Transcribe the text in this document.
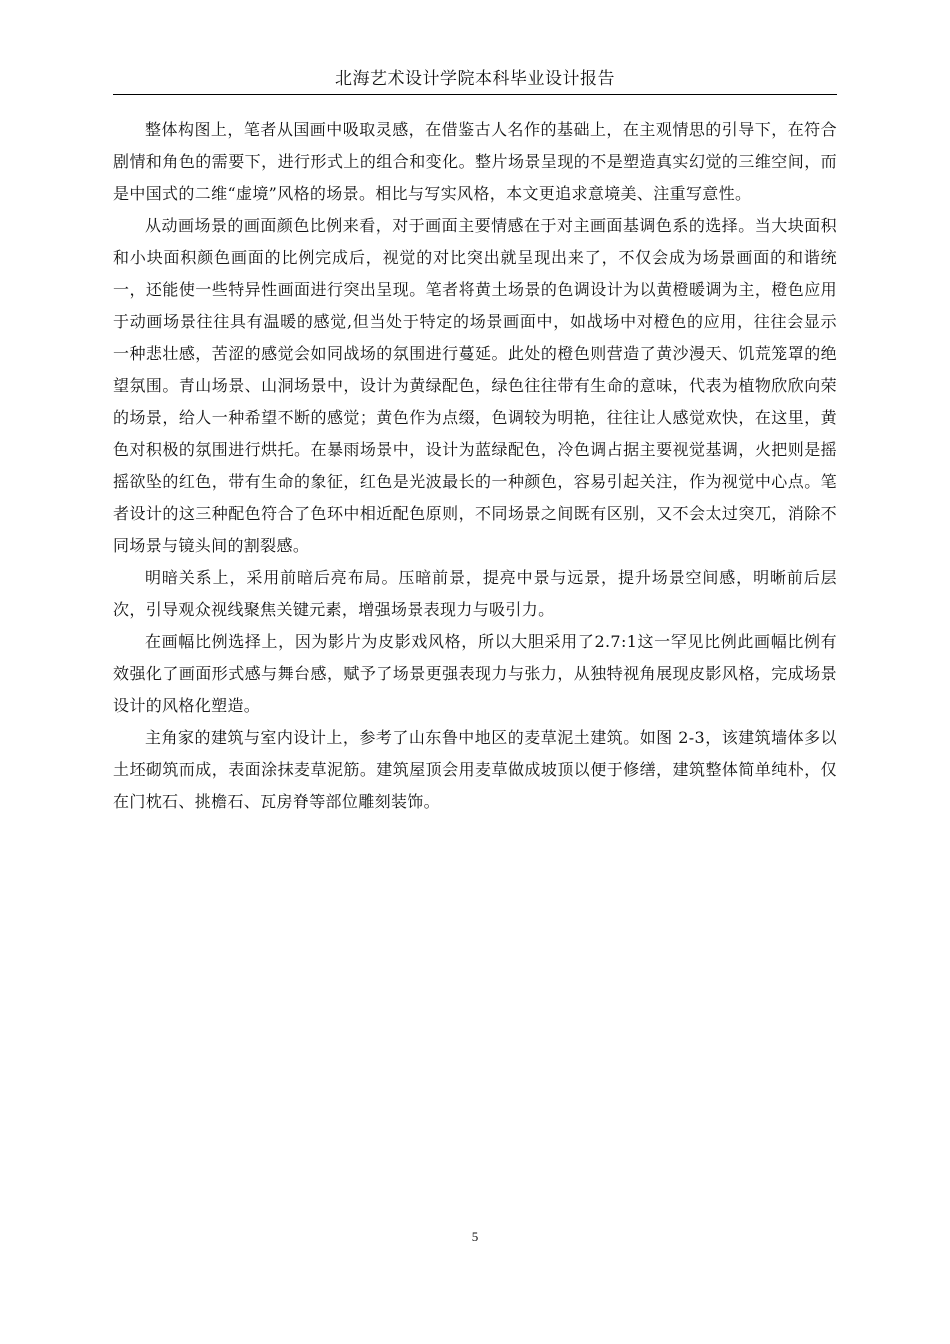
北海艺术设计学院本科毕业设计报告

整体构图上，笔者从国画中吸取灵感，在借鉴古人名作的基础上，在主观情思的引导下，在符合剧情和角色的需要下，进行形式上的组合和变化。整片场景呈现的不是塑造真实幻觉的三维空间，而是中国式的二维“虚境”风格的场景。相比与写实风格，本文更追求意境美、注重写意性。

从动画场景的画面颜色比例来看，对于画面主要情感在于对主画面基调色系的选择。当大块面积和小块面积颜色画面的比例完成后，视觉的对比突出就呈现出来了，不仅会成为场景画面的和谐统一，还能使一些特异性画面进行突出呈现。笔者将黄土场景的色调设计为以黄橙暖调为主，橙色应用于动画场景往往具有温暖的感觉,但当处于特定的场景画面中，如战场中对橙色的应用，往往会显示一种悲壮感，苦涩的感觉会如同战场的氛围进行蔓延。此处的橙色则营造了黄沙漫天、饥荒笼罩的绝望氛围。青山场景、山洞场景中，设计为黄绿配色，绿色往往带有生命的意味，代表为植物欣欣向荣的场景，给人一种希望不断的感觉；黄色作为点缀，色调较为明艳，往往让人感觉欢快，在这里，黄色对积极的氛围进行烘托。在暴雨场景中，设计为蓝绿配色，冷色调占据主要视觉基调，火把则是摇摇欲坠的红色，带有生命的象征，红色是光波最长的一种颜色，容易引起关注，作为视觉中心点。笔者设计的这三种配色符合了色环中相近配色原则，不同场景之间既有区别，又不会太过突兀，消除不同场景与镜头间的割裂感。

明暗关系上，采用前暗后亮布局。压暗前景，提亮中景与远景，提升场景空间感，明晰前后层次，引导观众视线聚焦关键元素，增强场景表现力与吸引力。

在画幅比例选择上，因为影片为皮影戏风格，所以大胆采用了2.7:1这一罕见比例此画幅比例有效强化了画面形式感与舞台感，赋予了场景更强表现力与张力，从独特视角展现皮影风格，完成场景设计的风格化塑造。

主角家的建筑与室内设计上，参考了山东鲁中地区的麦草泥土建筑。如图 2-3，该建筑墙体多以土坯砌筑而成，表面涂抹麦草泥筋。建筑屋顶会用麦草做成坡顶以便于修缮，建筑整体简单纯朴，仅在门枕石、挑檐石、瓦房脊等部位雕刻装饰。

5
